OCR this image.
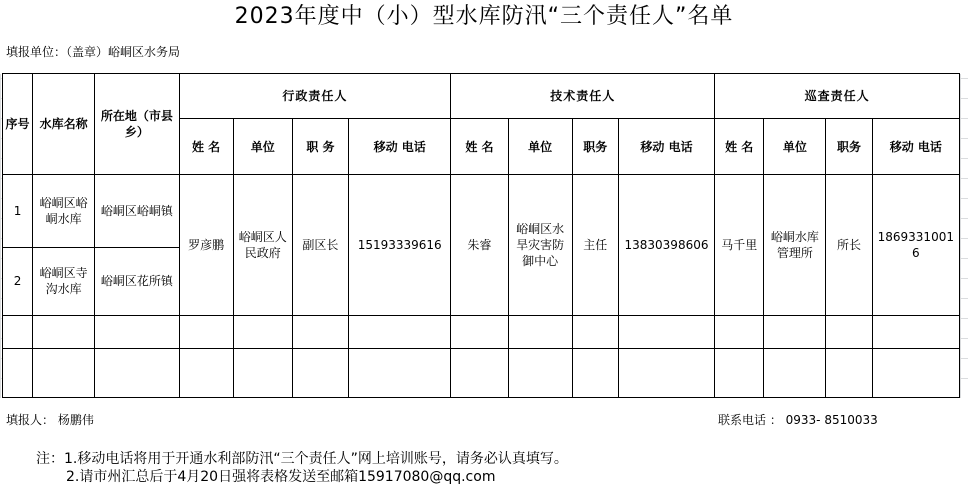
2023年度中（小）型水库防汛“三个责任人”名单
填报单位：（盖章）峪峒区水务局
序号	水库名称	所在地（市县乡）	行政责任人				技术责任人				巡查责任人			
			姓 名	单位	职 务	移动 电话	姓 名	单位	职务	移动 电话	姓 名	单位	职务	移动 电话
1	峪峒区峪峒水库	峪峒区峪峒镇	罗彦鹏	峪峒区人民政府	副区长	15193339616	朱睿	峪峒区水旱灾害防御中心	主任	13830398606	马千里	峪峒水库管理所	所长	18693310016
2	峪峒区寺沟水库	峪峒区花所镇												

填报人： 杨鹏伟	联系电话 ： 0933- 8510033
注：1.移动电话将用于开通水利部防汛“三个责任人”网上培训账号，请务必认真填写。
2.请市州汇总后于4月20日强将表格发送至邮箱15917080@qq.com
